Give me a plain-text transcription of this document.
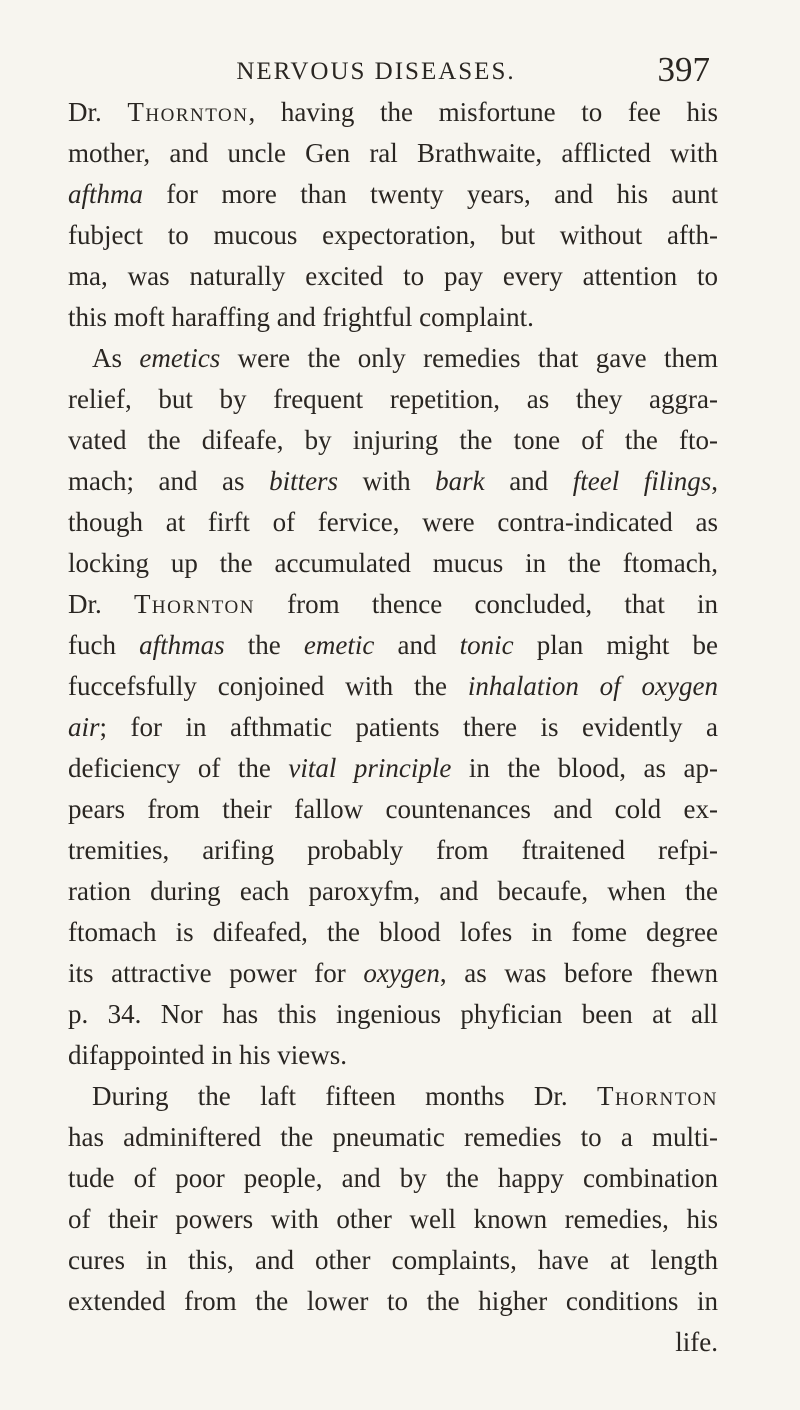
NERVOUS DISEASES.	397
Dr. Thornton, having the misfortune to fee his
mother, and uncle Gen ral Brathwaite, afflicted with
afthma for more than twenty years, and his aunt
fubject to mucous expectoration, but without afth-
ma, was naturally excited to pay every attention to
this moft haraffing and frightful complaint.
As emetics were the only remedies that gave them
relief, but by frequent repetition, as they aggra-
vated the difeafe, by injuring the tone of the fto-
mach; and as bitters with bark and fteel filings,
though at firft of fervice, were contra-indicated as
locking up the accumulated mucus in the ftomach,
Dr. Thornton from thence concluded, that in
fuch afthmas the emetic and tonic plan might be
fuccefsfully conjoined with the inhalation of oxygen
air; for in afthmatic patients there is evidently a
deficiency of the vital principle in the blood, as ap-
pears from their fallow countenances and cold ex-
tremities, arifing probably from ftraitened refpi-
ration during each paroxyfm, and becaufe, when the
ftomach is difeafed, the blood lofes in fome degree
its attractive power for oxygen, as was before fhewn
p. 34. Nor has this ingenious phyfician been at all
difappointed in his views.
During the laft fifteen months Dr. Thornton
has adminiftered the pneumatic remedies to a multi-
tude of poor people, and by the happy combination
of their powers with other well known remedies, his
cures in this, and other complaints, have at length
extended from the lower to the higher conditions in
life.
